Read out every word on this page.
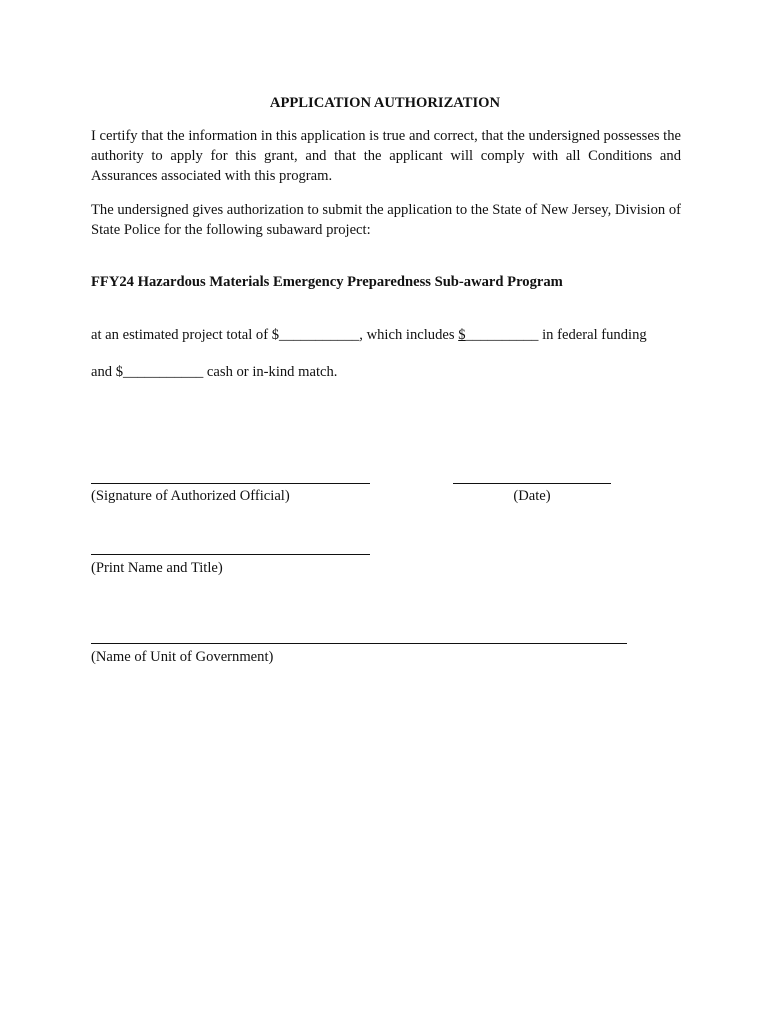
APPLICATION AUTHORIZATION
I certify that the information in this application is true and correct, that the undersigned possesses the authority to apply for this grant, and that the applicant will comply with all Conditions and Assurances associated with this program.
The undersigned gives authorization to submit the application to the State of New Jersey, Division of State Police for the following subaward project:
FFY24 Hazardous Materials Emergency Preparedness Sub-award Program
at an estimated project total of $___________, which includes $__________ in federal funding
and $___________ cash or in-kind match.
(Signature of Authorized Official)	(Date)
(Print Name and Title)
(Name of Unit of Government)
